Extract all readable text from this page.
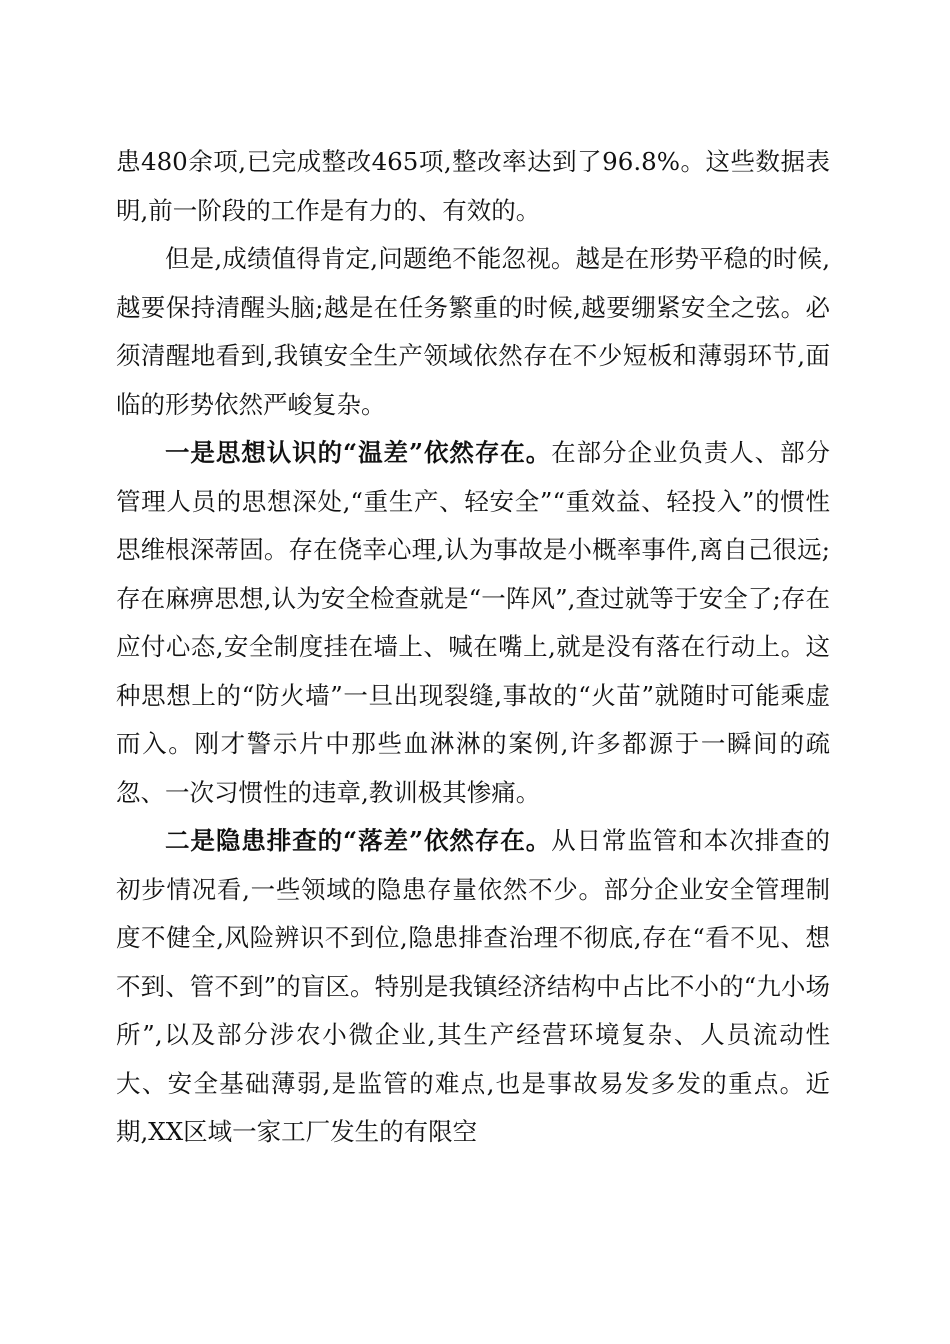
患480余项,已完成整改465项,整改率达到了96.8%。这些数据表明,前一阶段的工作是有力的、有效的。

但是,成绩值得肯定,问题绝不能忽视。越是在形势平稳的时候,越要保持清醒头脑;越是在任务繁重的时候,越要绷紧安全之弦。必须清醒地看到,我镇安全生产领域依然存在不少短板和薄弱环节,面临的形势依然严峻复杂。

一是思想认识的“温差”依然存在。在部分企业负责人、部分管理人员的思想深处,“重生产、轻安全”“重效益、轻投入”的惯性思维根深蒂固。存在侥幸心理,认为事故是小概率事件,离自己很远;存在麻痹思想,认为安全检查就是“一阵风”,查过就等于安全了;存在应付心态,安全制度挂在墙上、喊在嘴上,就是没有落在行动上。这种思想上的“防火墙”一旦出现裂缝,事故的“火苗”就随时可能乘虚而入。刚才警示片中那些血淋淋的案例,许多都源于一瞬间的疏忽、一次习惯性的违章,教训极其惨痛。

二是隐患排查的“落差”依然存在。从日常监管和本次排查的初步情况看,一些领域的隐患存量依然不少。部分企业安全管理制度不健全,风险辨识不到位,隐患排查治理不彻底,存在“看不见、想不到、管不到”的盲区。特别是我镇经济结构中占比不小的“九小场所”,以及部分涉农小微企业,其生产经营环境复杂、人员流动性大、安全基础薄弱,是监管的难点,也是事故易发多发的重点。近期,XX区域一家工厂发生的有限空
